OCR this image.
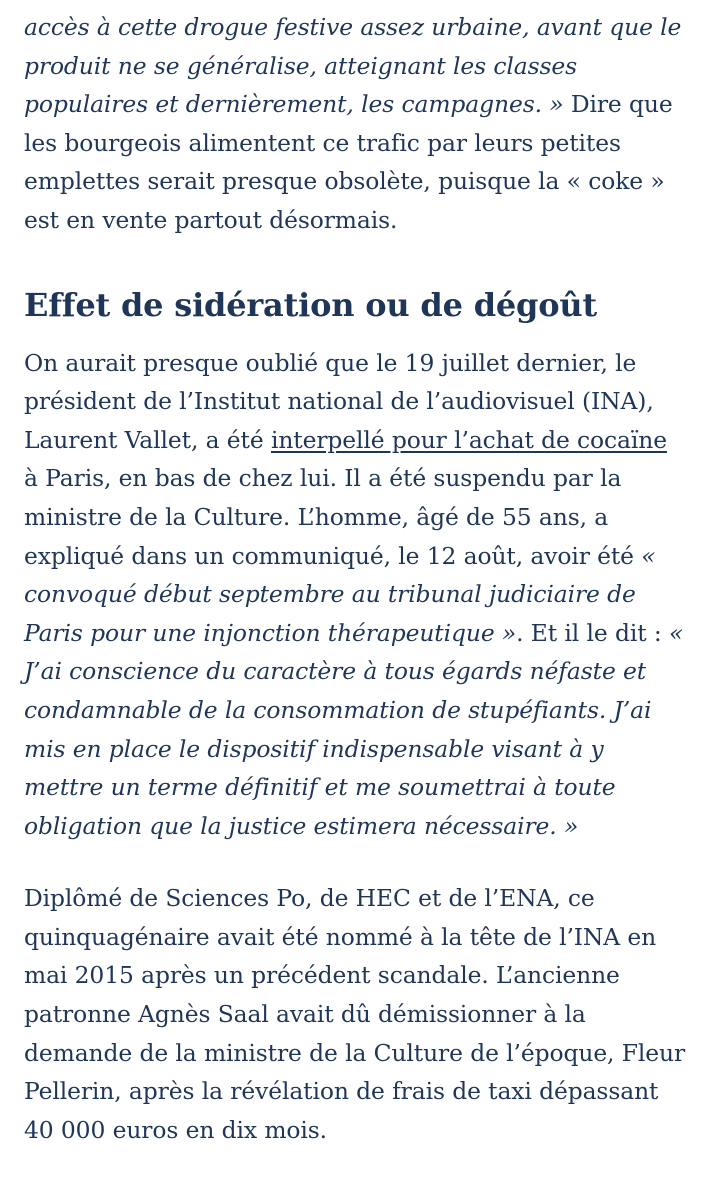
accès à cette drogue festive assez urbaine, avant que le produit ne se généralise, atteignant les classes populaires et dernièrement, les campagnes. » Dire que les bourgeois alimentent ce trafic par leurs petites emplettes serait presque obsolète, puisque la « coke » est en vente partout désormais.

Effet de sidération ou de dégoût

On aurait presque oublié que le 19 juillet dernier, le président de l’Institut national de l’audiovisuel (INA), Laurent Vallet, a été interpellé pour l’achat de cocaïne à Paris, en bas de chez lui. Il a été suspendu par la ministre de la Culture. L’homme, âgé de 55 ans, a expliqué dans un communiqué, le 12 août, avoir été « convoqué début septembre au tribunal judiciaire de Paris pour une injonction thérapeutique ». Et il le dit : « J’ai conscience du caractère à tous égards néfaste et condamnable de la consommation de stupéfiants. J’ai mis en place le dispositif indispensable visant à y mettre un terme définitif et me soumettrai à toute obligation que la justice estimera nécessaire. »

Diplômé de Sciences Po, de HEC et de l’ENA, ce quinquagénaire avait été nommé à la tête de l’INA en mai 2015 après un précédent scandale. L’ancienne patronne Agnès Saal avait dû démissionner à la demande de la ministre de la Culture de l’époque, Fleur Pellerin, après la révélation de frais de taxi dépassant 40 000 euros en dix mois.
